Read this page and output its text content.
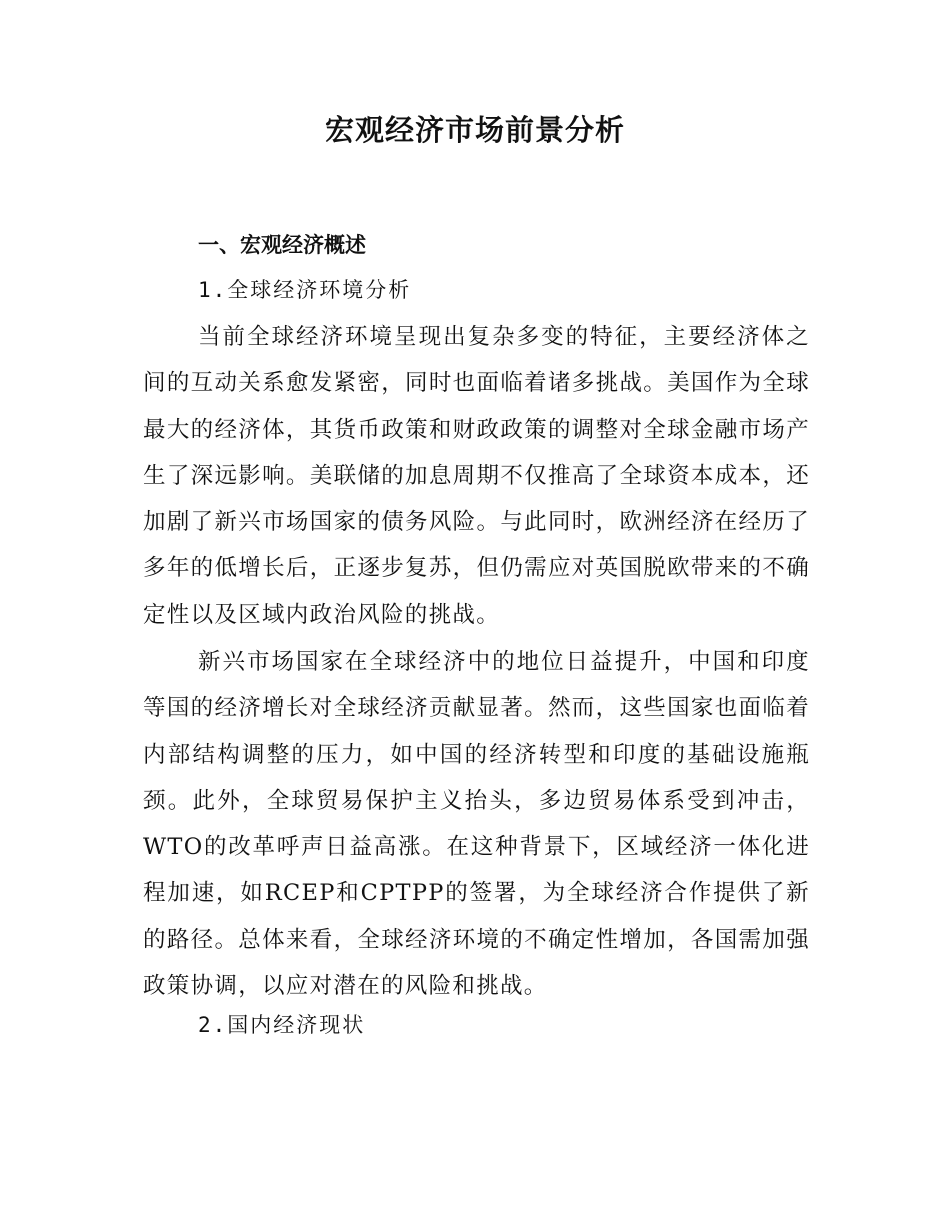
宏观经济市场前景分析
一、宏观经济概述
1.全球经济环境分析

当前全球经济环境呈现出复杂多变的特征，主要经济体之间的互动关系愈发紧密，同时也面临着诸多挑战。美国作为全球最大的经济体，其货币政策和财政政策的调整对全球金融市场产生了深远影响。美联储的加息周期不仅推高了全球资本成本，还加剧了新兴市场国家的债务风险。与此同时，欧洲经济在经历了多年的低增长后，正逐步复苏，但仍需应对英国脱欧带来的不确定性以及区域内政治风险的挑战。

新兴市场国家在全球经济中的地位日益提升，中国和印度等国的经济增长对全球经济贡献显著。然而，这些国家也面临着内部结构调整的压力，如中国的经济转型和印度的基础设施瓶颈。此外，全球贸易保护主义抬头，多边贸易体系受到冲击，WTO的改革呼声日益高涨。在这种背景下，区域经济一体化进程加速，如RCEP和CPTPP的签署，为全球经济合作提供了新的路径。总体来看，全球经济环境的不确定性增加，各国需加强政策协调，以应对潜在的风险和挑战。

2.国内经济现状
